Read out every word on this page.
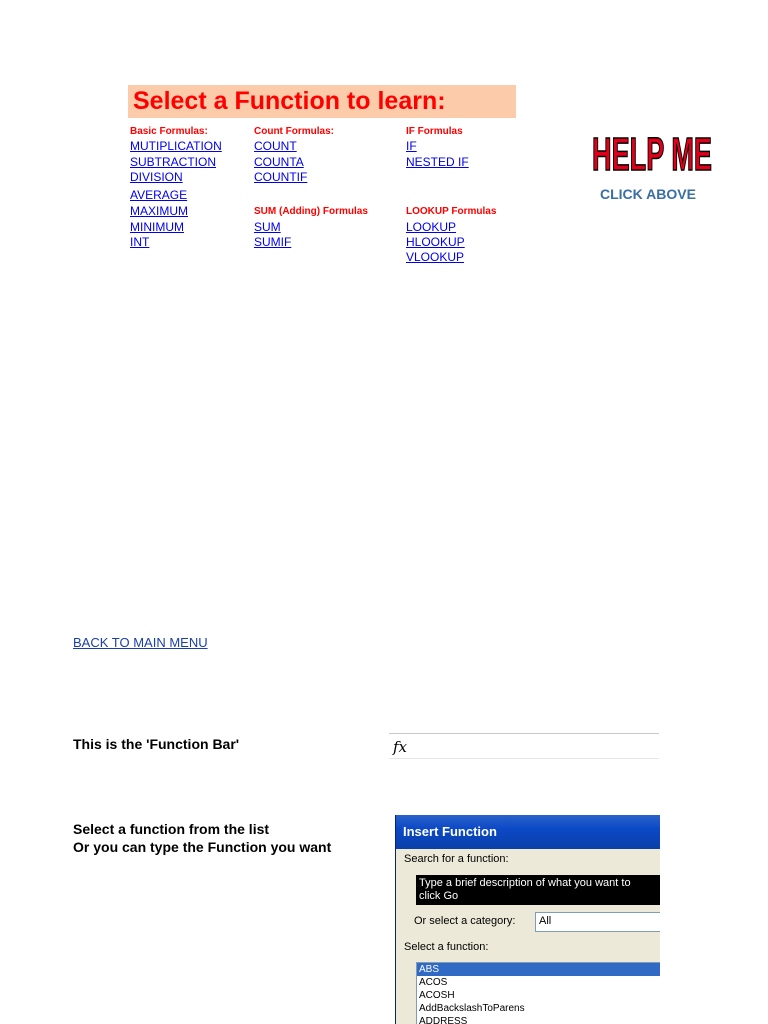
Select a Function to learn:
Basic Formulas:
MUTIPLICATION
SUBTRACTION
DIVISION
AVERAGE
MAXIMUM
MINIMUM
INT
Count Formulas:
COUNT
COUNTA
COUNTIF
SUM (Adding) Formulas
SUM
SUMIF
IF Formulas
IF
NESTED IF
LOOKUP Formulas
LOOKUP
HLOOKUP
VLOOKUP
HELP ME
CLICK ABOVE
BACK TO MAIN MENU
This is the 'Function Bar'	fx
Select a function from the list
Or you can type the Function you want
Insert Function
Search for a function:
Type a brief description of what you want to
click Go
Or select a category:	All
Select a function:
ABS
ACOS
ACOSH
AddBackslashToParens
ADDRESS
